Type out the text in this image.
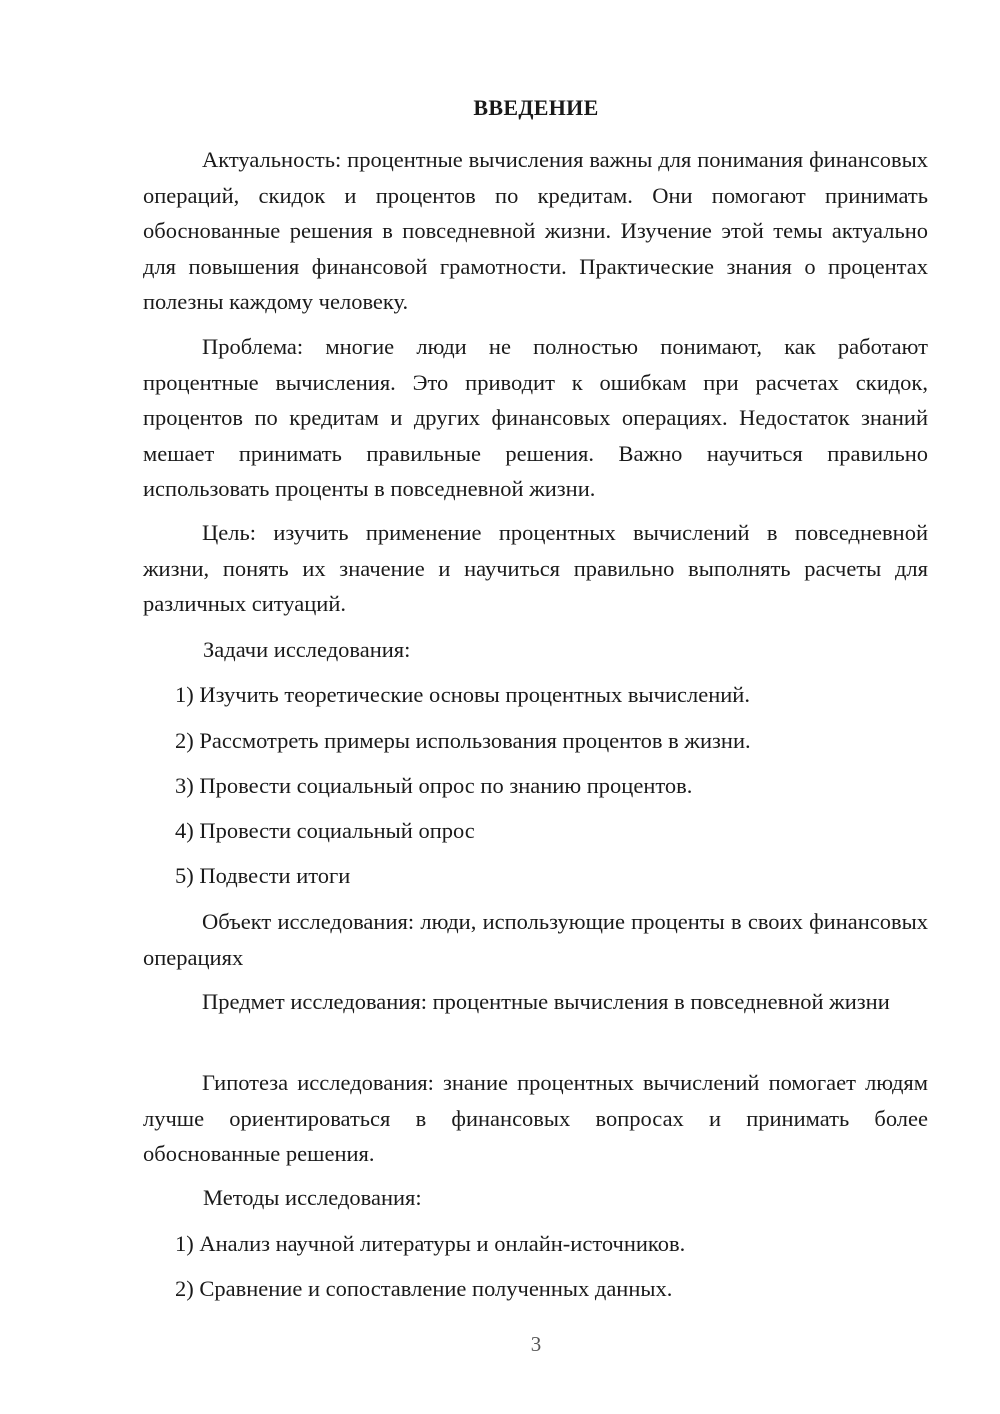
ВВЕДЕНИЕ

Актуальность: процентные вычисления важны для понимания финансовых операций, скидок и процентов по кредитам. Они помогают принимать обоснованные решения в повседневной жизни. Изучение этой темы актуально для повышения финансовой грамотности. Практические знания о процентах полезны каждому человеку.

Проблема: многие люди не полностью понимают, как работают процентные вычисления. Это приводит к ошибкам при расчетах скидок, процентов по кредитам и других финансовых операциях. Недостаток знаний мешает принимать правильные решения. Важно научиться правильно использовать проценты в повседневной жизни.

Цель: изучить применение процентных вычислений в повседневной жизни, понять их значение и научиться правильно выполнять расчеты для различных ситуаций.

Задачи исследования:

1) Изучить теоретические основы процентных вычислений.

2) Рассмотреть примеры использования процентов в жизни.

3) Провести социальный опрос по знанию процентов.

4) Провести социальный опрос

5) Подвести итоги

Объект исследования: люди, использующие проценты в своих финансовых операциях

Предмет исследования: процентные вычисления в повседневной жизни

Гипотеза исследования: знание процентных вычислений помогает людям лучше ориентироваться в финансовых вопросах и принимать более обоснованные решения.

Методы исследования:

1) Анализ научной литературы и онлайн-источников.

2) Сравнение и сопоставление полученных данных.

3
